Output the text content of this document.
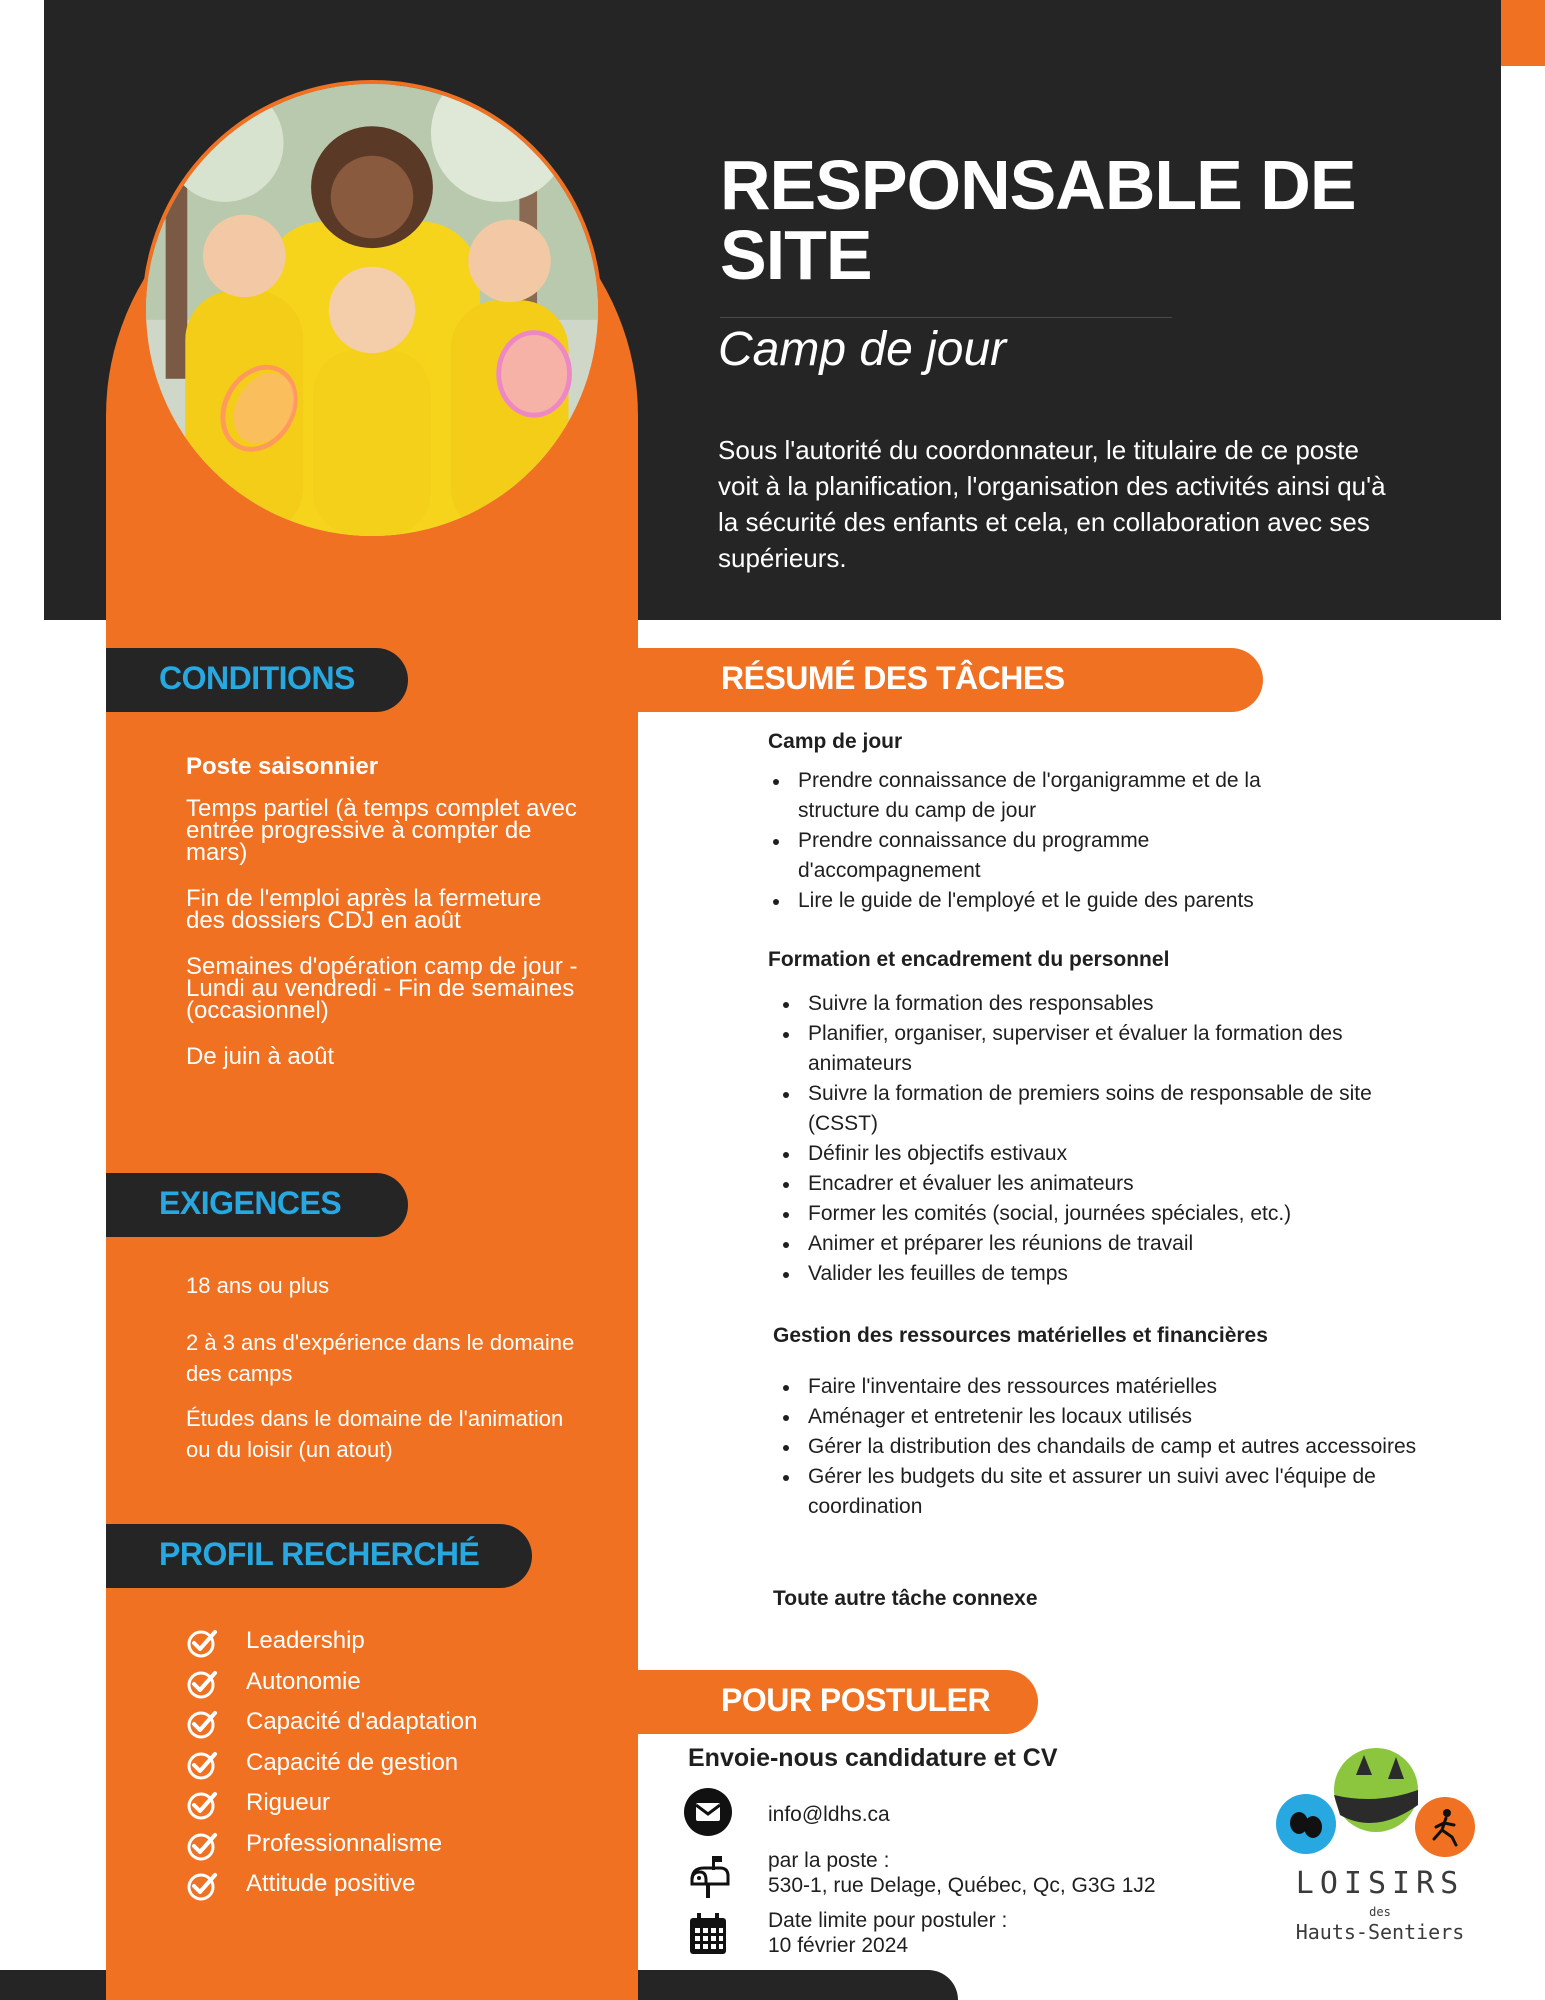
RESPONSABLE DE SITE
Camp de jour
Sous l'autorité du coordonnateur, le titulaire de ce poste voit à la planification, l'organisation des activités ainsi qu'à la sécurité des enfants et cela, en collaboration avec ses supérieurs.
CONDITIONS
Poste saisonnier
Temps partiel (à temps complet avec entrée progressive à compter de mars)
Fin de l'emploi après la fermeture des dossiers CDJ en août
Semaines d'opération camp de jour - Lundi au vendredi - Fin de semaines (occasionnel)
De juin à août
EXIGENCES
18 ans ou plus
2 à 3 ans d'expérience dans le domaine des camps
Études dans le domaine de l'animation ou du loisir (un atout)
PROFIL RECHERCHÉ
Leadership
Autonomie
Capacité d'adaptation
Capacité de gestion
Rigueur
Professionnalisme
Attitude positive
RÉSUMÉ DES TÂCHES
Camp de jour
Prendre connaissance de l'organigramme et de la structure du camp de jour
Prendre connaissance du programme d'accompagnement
Lire le guide de l'employé et le guide des parents
Formation et encadrement du personnel
Suivre la formation des responsables
Planifier, organiser, superviser et évaluer la formation des animateurs
Suivre la formation de premiers soins de responsable de site (CSST)
Définir les objectifs estivaux
Encadrer et évaluer les animateurs
Former les comités (social, journées spéciales, etc.)
Animer et préparer les réunions de travail
Valider les feuilles de temps
Gestion des ressources matérielles et financières
Faire l'inventaire des ressources matérielles
Aménager et entretenir les locaux utilisés
Gérer la distribution des chandails de camp et autres accessoires
Gérer les budgets du site et assurer un suivi avec l'équipe de coordination
Toute autre tâche connexe
POUR POSTULER
Envoie-nous candidature et CV
info@ldhs.ca
par la poste :
530-1, rue Delage, Québec, Qc, G3G 1J2
Date limite pour postuler :
10 février 2024
LOISIRS
des
Hauts-Sentiers
